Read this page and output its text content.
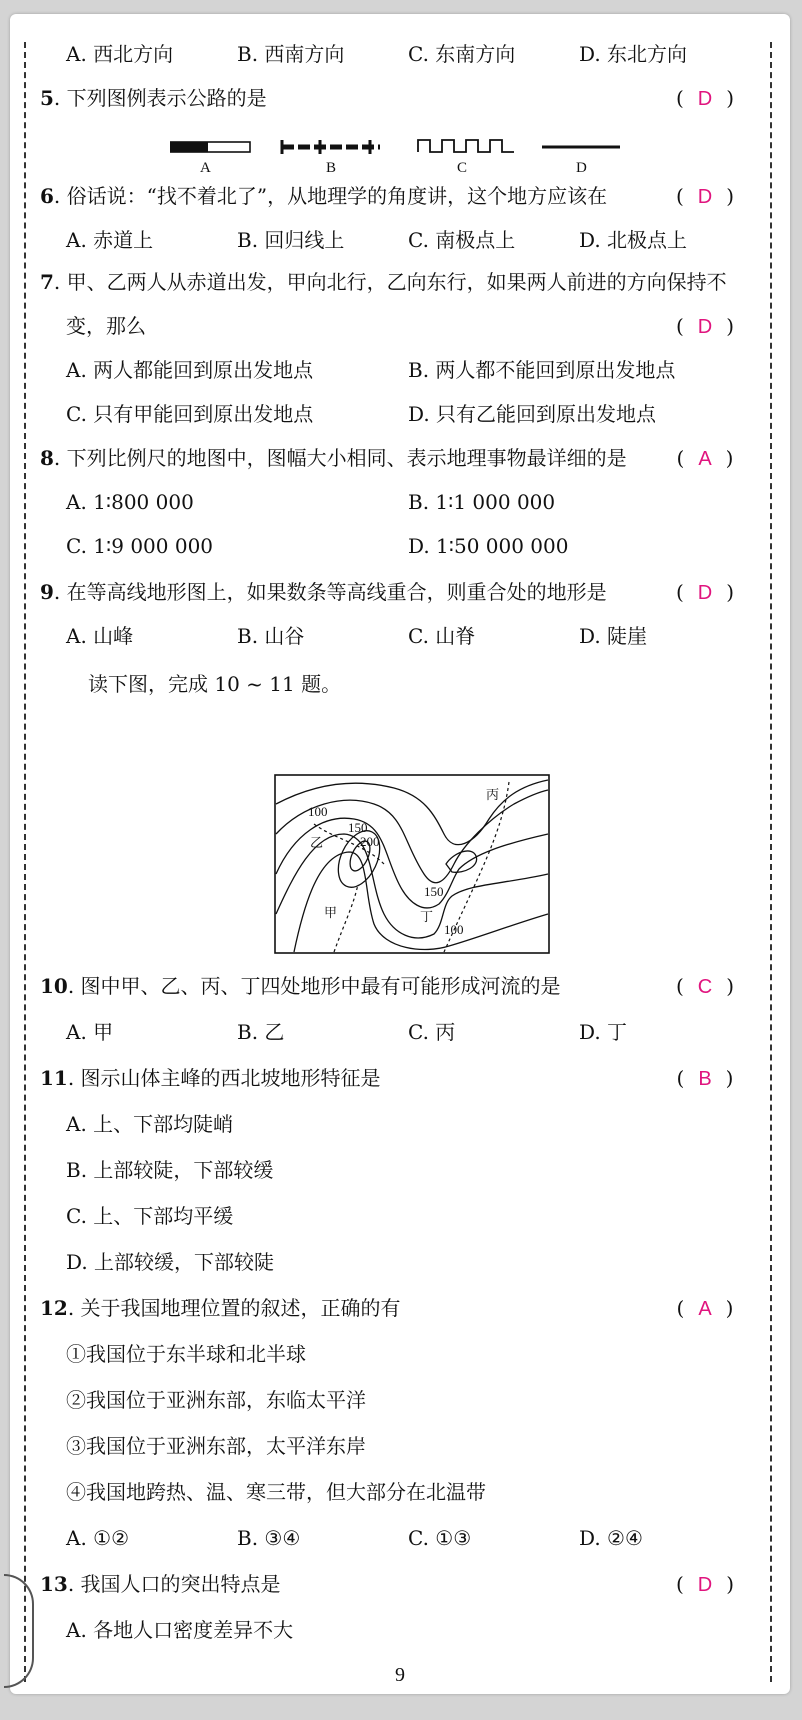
A. 西北方向	B. 西南方向	C. 东南方向	D. 东北方向
5. 下列图例表示公路的是	( D )
A	B	C	D
6. 俗话说：“找不着北了”，从地理学的角度讲，这个地方应该在	( D )
A. 赤道上	B. 回归线上	C. 南极点上	D. 北极点上
7. 甲、乙两人从赤道出发，甲向北行，乙向东行，如果两人前进的方向保持不
变，那么	( D )
A. 两人都能回到原出发地点	B. 两人都不能回到原出发地点
C. 只有甲能回到原出发地点	D. 只有乙能回到原出发地点
8. 下列比例尺的地图中，图幅大小相同、表示地理事物最详细的是	( A )
A. 1∶800 000	B. 1∶1 000 000
C. 1∶9 000 000	D. 1∶50 000 000
9. 在等高线地形图上，如果数条等高线重合，则重合处的地形是	( D )
A. 山峰	B. 山谷	C. 山脊	D. 陡崖
读下图，完成 10 ~ 11 题。
100
150
200
150
100
甲
乙
丙
丁
10. 图中甲、乙、丙、丁四处地形中最有可能形成河流的是	( C )
A. 甲	B. 乙	C. 丙	D. 丁
11. 图示山体主峰的西北坡地形特征是	( B )
A. 上、下部均陡峭
B. 上部较陡，下部较缓
C. 上、下部均平缓
D. 上部较缓，下部较陡
12. 关于我国地理位置的叙述，正确的有	( A )
①我国位于东半球和北半球
②我国位于亚洲东部，东临太平洋
③我国位于亚洲东部，太平洋东岸
④我国地跨热、温、寒三带，但大部分在北温带
A. ①②	B. ③④	C. ①③	D. ②④
13. 我国人口的突出特点是	( D )
A. 各地人口密度差异不大
9
